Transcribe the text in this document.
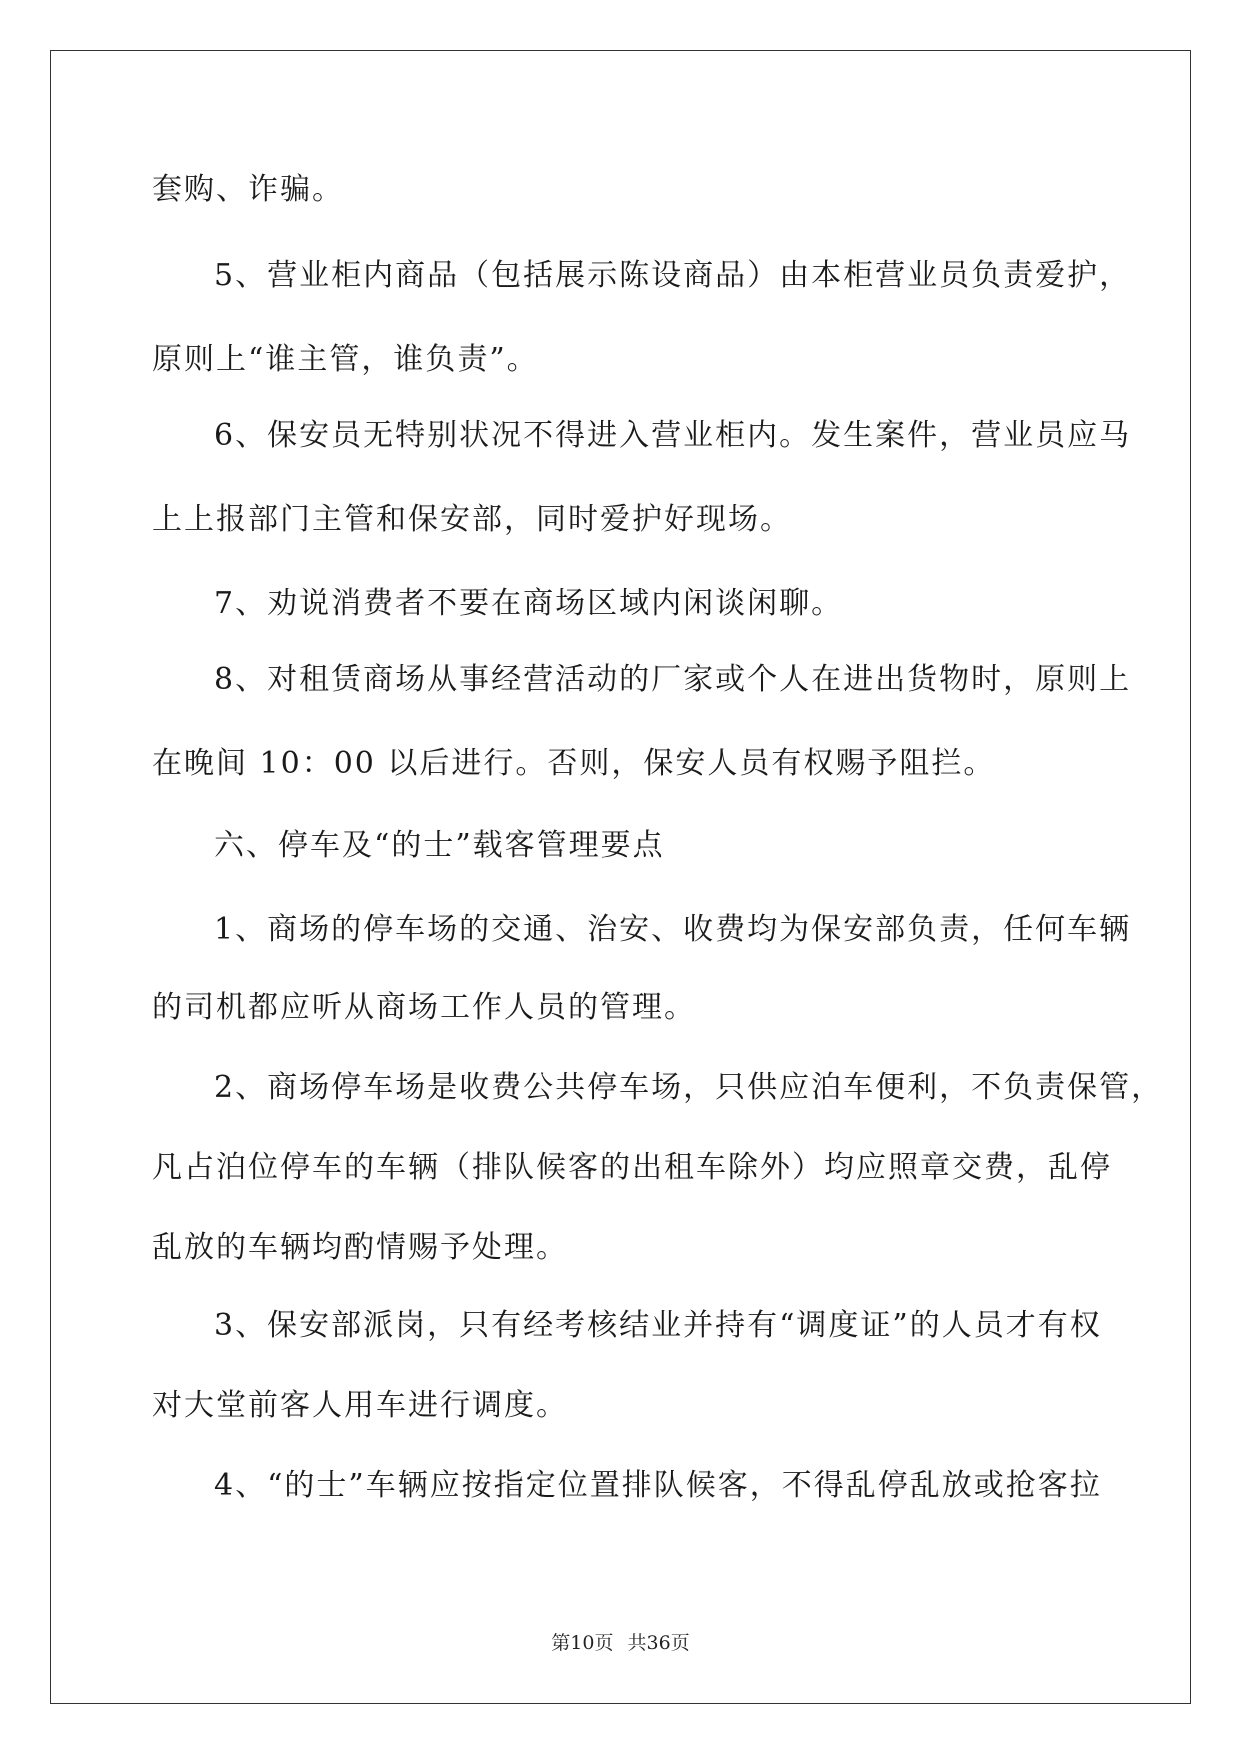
套购、诈骗。
5、营业柜内商品（包括展示陈设商品）由本柜营业员负责爱护，
原则上“谁主管，谁负责”。
6、保安员无特别状况不得进入营业柜内。发生案件，营业员应马
上上报部门主管和保安部，同时爱护好现场。
7、劝说消费者不要在商场区域内闲谈闲聊。
8、对租赁商场从事经营活动的厂家或个人在进出货物时，原则上
在晚间 10：00 以后进行。否则，保安人员有权赐予阻拦。
六、停车及“的士”载客管理要点
1、商场的停车场的交通、治安、收费均为保安部负责，任何车辆
的司机都应听从商场工作人员的管理。
2、商场停车场是收费公共停车场，只供应泊车便利，不负责保管，
凡占泊位停车的车辆（排队候客的出租车除外）均应照章交费，乱停
乱放的车辆均酌情赐予处理。
3、保安部派岗，只有经考核结业并持有“调度证”的人员才有权
对大堂前客人用车进行调度。
4、“的士”车辆应按指定位置排队候客，不得乱停乱放或抢客拉
第10页 共36页
